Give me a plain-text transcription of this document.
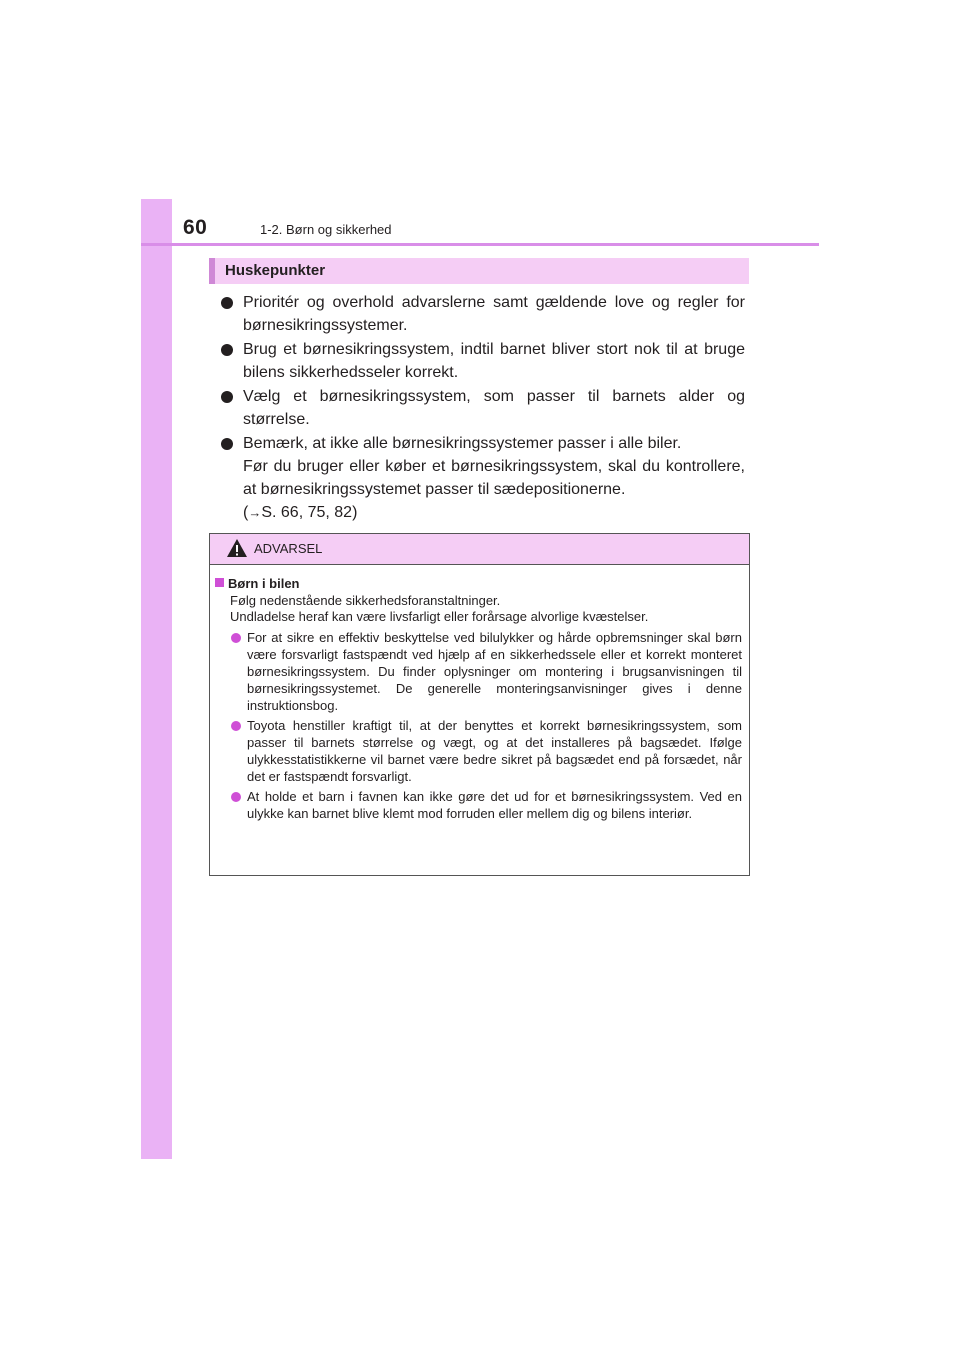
60	1-2. Børn og sikkerhed
Huskepunkter

Prioritér og overhold advarslerne samt gældende love og regler for børnesikringssystemer.

Brug et børnesikringssystem, indtil barnet bliver stort nok til at bruge bilens sikkerhedsseler korrekt.

Vælg et børnesikringssystem, som passer til barnets alder og størrelse.

Bemærk, at ikke alle børnesikringssystemer passer i alle biler.

Før du bruger eller køber et børnesikringssystem, skal du kontrollere, at børnesikringssystemet passer til sædepositionerne.

(→S. 66, 75, 82)

ADVARSEL
Børn i bilen

Følg nedenstående sikkerhedsforanstaltninger.

Undladelse heraf kan være livsfarligt eller forårsage alvorlige kvæstelser.

For at sikre en effektiv beskyttelse ved bilulykker og hårde opbremsninger skal børn være forsvarligt fastspændt ved hjælp af en sikkerhedssele eller et korrekt monteret børnesikringssystem. Du finder oplysninger om montering i brugsanvisningen til børnesikringssystemet. De generelle monteringsanvisninger gives i denne instruktionsbog.
Toyota henstiller kraftigt til, at der benyttes et korrekt børnesikringssystem, som passer til barnets størrelse og vægt, og at det installeres på bagsædet. Ifølge ulykkesstatistikkerne vil barnet være bedre sikret på bagsædet end på forsædet, når det er fastspændt forsvarligt.
At holde et barn i favnen kan ikke gøre det ud for et børnesikringssystem. Ved en ulykke kan barnet blive klemt mod forruden eller mellem dig og bilens interiør.
